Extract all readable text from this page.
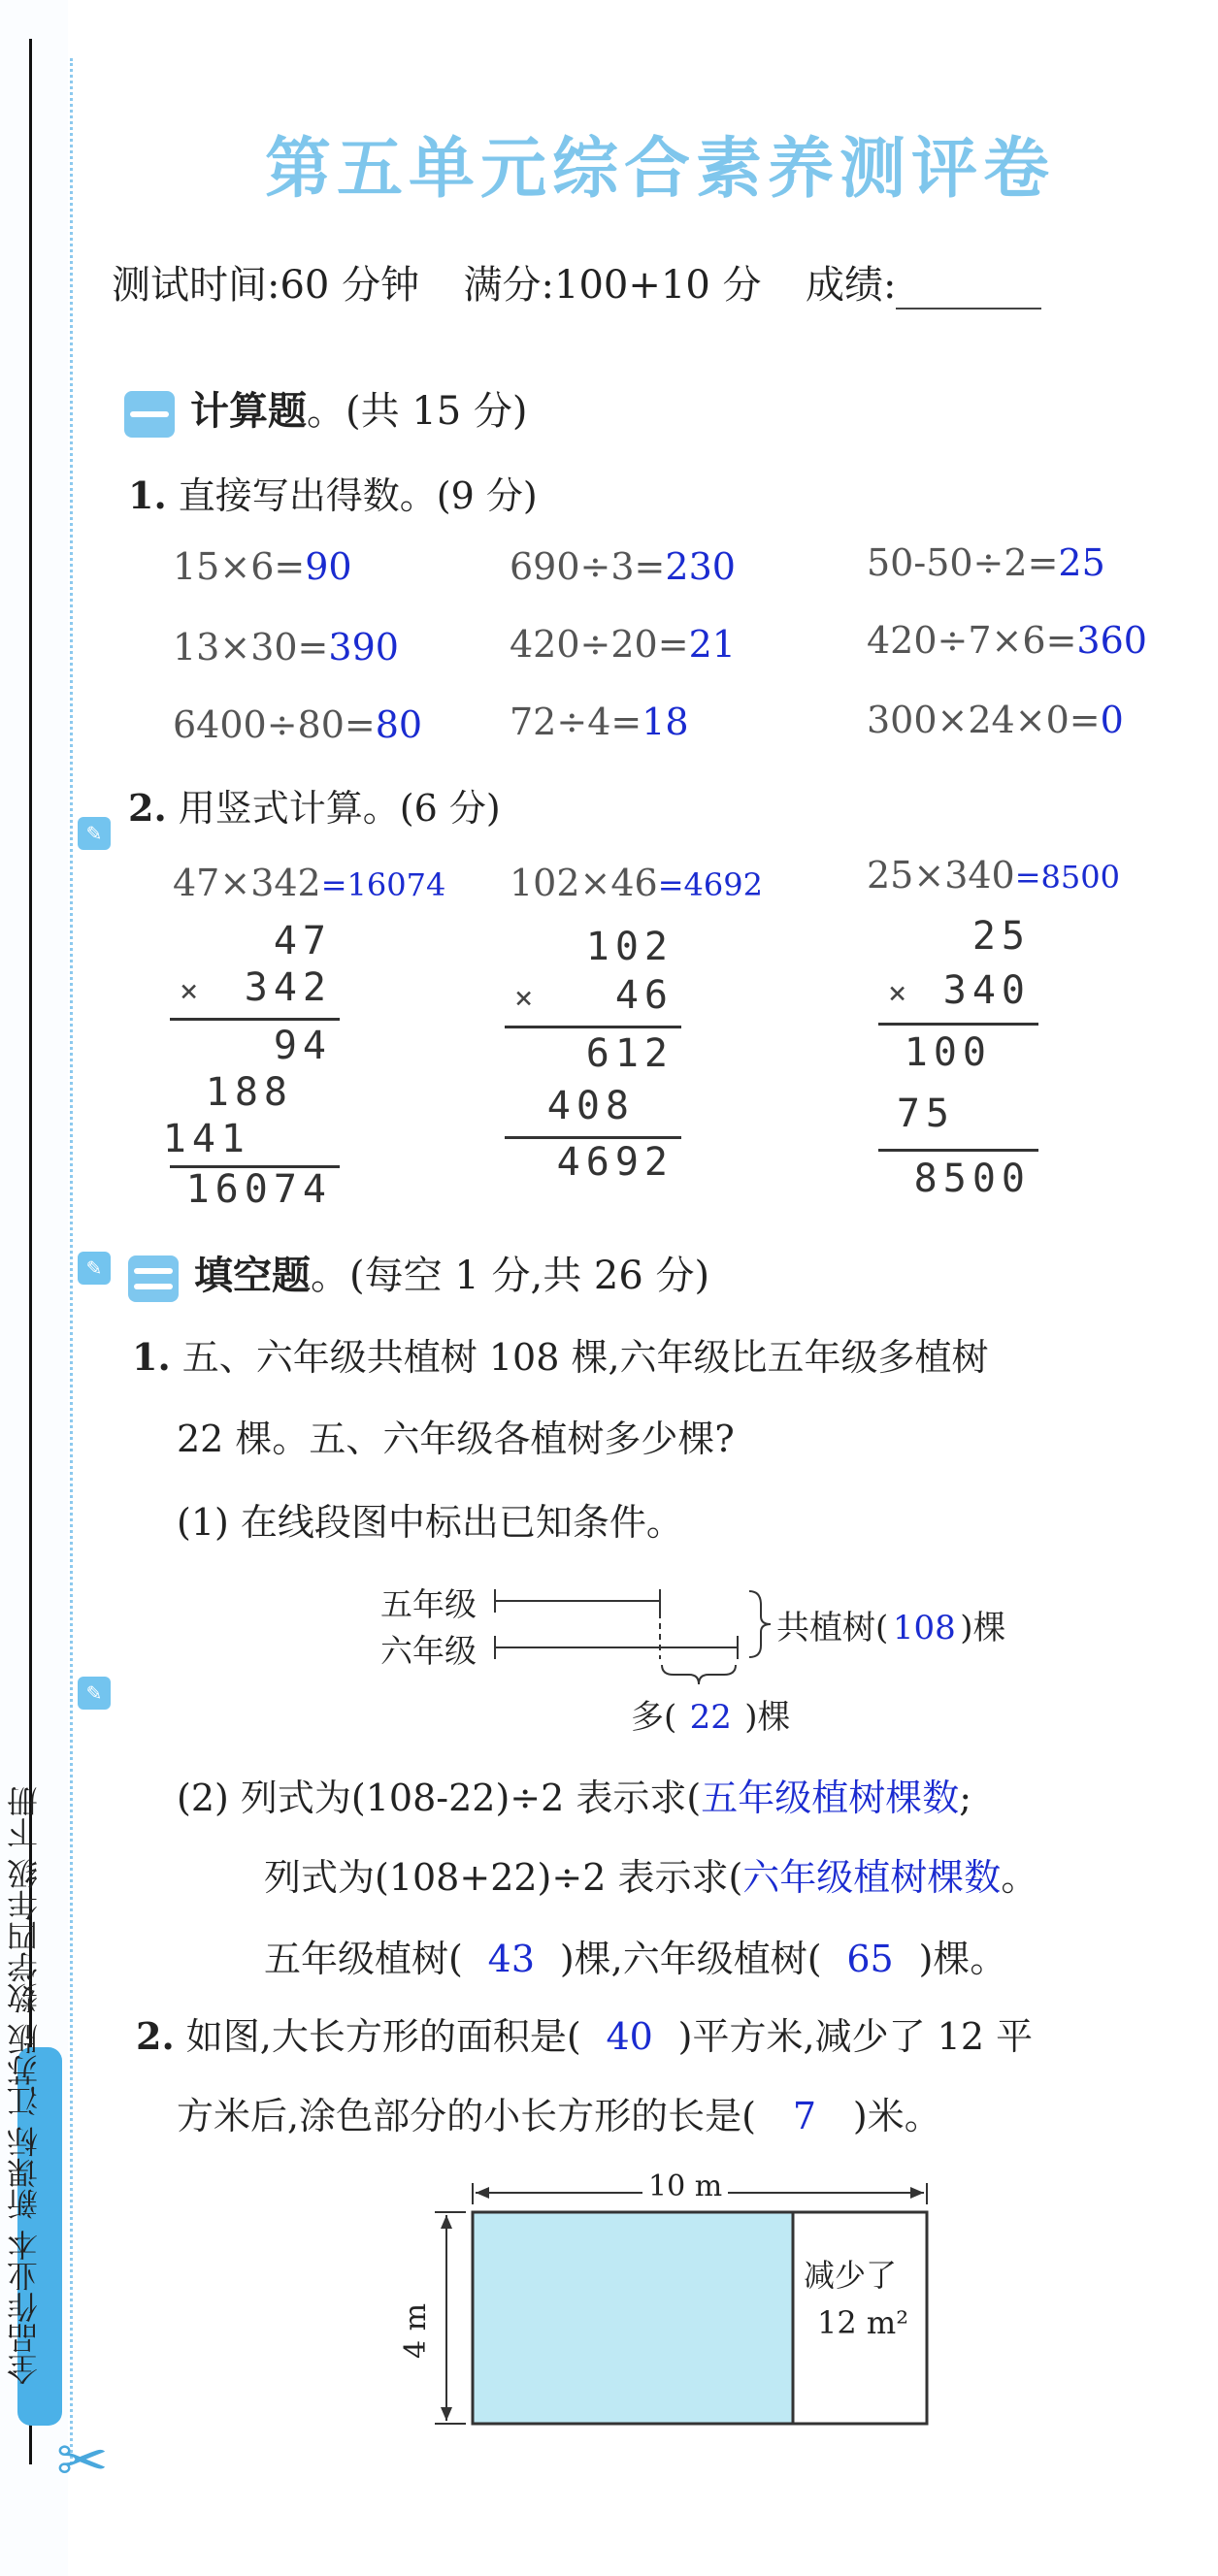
全品作业本 新课标 江苏版 数学四年级 下册
✎
✎
✎
✂
第五单元综合素养测评卷
测试时间:60 分钟 满分:100+10 分 成绩:
计算题。(共 15 分)
1. 直接写出得数。(9 分)
15×6=90	690÷3=230	50-50÷2=25
13×30=390	420÷20=21	420÷7×6=360
6400÷80=80 72÷4=18	300×24×0=0
2. 用竖式计算。(6 分)
47×342=16074 102×46=4692	25×340=8500
47
× 342
94
188
141
16074
102
× 46
612
408
4692
25
× 340
100
75
8500
填空题。(每空 1 分,共 26 分)

1. 五、六年级共植树 108 棵,六年级比五年级多植树
22 棵。五、六年级各植树多少棵?
(1) 在线段图中标出已知条件。
五年级
六年级
共植树( 108 )棵
多( 22 )棵
(2) 列式为(108-22)÷2 表示求(五年级植树棵数;
列式为(108+22)÷2 表示求(六年级植树棵数。
五年级植树( 43 )棵,六年级植树( 65 )棵。
2. 如图,大长方形的面积是( 40 )平方米,减少了 12 平
方米后,涂色部分的小长方形的长是( 7 )米。
10 m
4 m
减少了
12 m²
